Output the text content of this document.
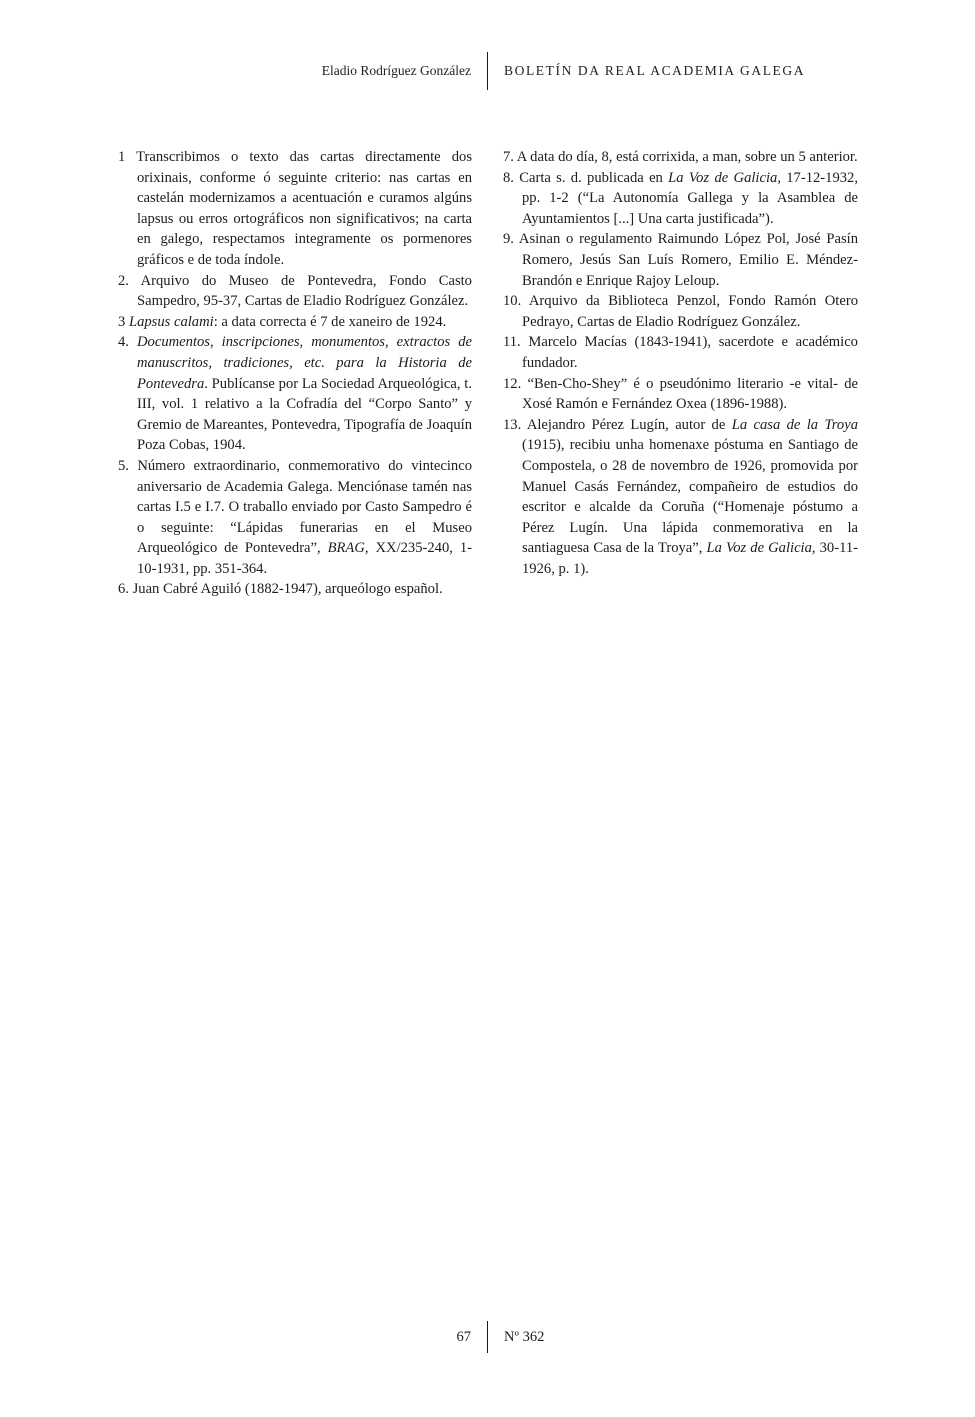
Eladio Rodríguez González	BOLETÍN DA REAL ACADEMIA GALEGA
1 Transcribimos o texto das cartas directamente dos orixinais, conforme ó seguinte criterio: nas cartas en castelán modernizamos a acentuación e curamos algúns lapsus ou erros ortográficos non significativos; na carta en galego, respectamos integramente os pormenores gráficos e de toda índole.
2. Arquivo do Museo de Pontevedra, Fondo Casto Sampedro, 95-37, Cartas de Eladio Rodríguez González.
3 Lapsus calami: a data correcta é 7 de xaneiro de 1924.
4. Documentos, inscripciones, monumentos, extractos de manuscritos, tradiciones, etc. para la Historia de Pontevedra. Publícanse por La Sociedad Arqueológica, t. III, vol. 1 relativo a la Cofradía del “Corpo Santo” y Gremio de Mareantes, Pontevedra, Tipografía de Joaquín Poza Cobas, 1904.
5. Número extraordinario, conmemorativo do vintecinco aniversario de Academia Galega. Menciónase tamén nas cartas I.5 e I.7. O traballo enviado por Casto Sampedro é o seguinte: “Lápidas funerarias en el Museo Arqueológico de Pontevedra”, BRAG, XX/235-240, 1-10-1931, pp. 351-364.
6. Juan Cabré Aguiló (1882-1947), arqueólogo español.
7. A data do día, 8, está corrixida, a man, sobre un 5 anterior.
8. Carta s. d. publicada en La Voz de Galicia, 17-12-1932, pp. 1-2 (“La Autonomía Gallega y la Asamblea de Ayuntamientos [...] Una carta justificada”).
9. Asinan o regulamento Raimundo López Pol, José Pasín Romero, Jesús San Luís Romero, Emilio E. Méndez-Brandón e Enrique Rajoy Leloup.
10. Arquivo da Biblioteca Penzol, Fondo Ramón Otero Pedrayo, Cartas de Eladio Rodríguez González.
11. Marcelo Macías (1843-1941), sacerdote e académico fundador.
12. “Ben-Cho-Shey” é o pseudónimo literario -e vital- de Xosé Ramón e Fernández Oxea (1896-1988).
13. Alejandro Pérez Lugín, autor de La casa de la Troya (1915), recibiu unha homenaxe póstuma en Santiago de Compostela, o 28 de novembro de 1926, promovida por Manuel Casás Fernández, compañeiro de estudios do escritor e alcalde da Coruña (“Homenaje póstumo a Pérez Lugín. Una lápida conmemorativa en la santiaguesa Casa de la Troya”, La Voz de Galicia, 30-11-1926, p. 1).
67	Nº 362
